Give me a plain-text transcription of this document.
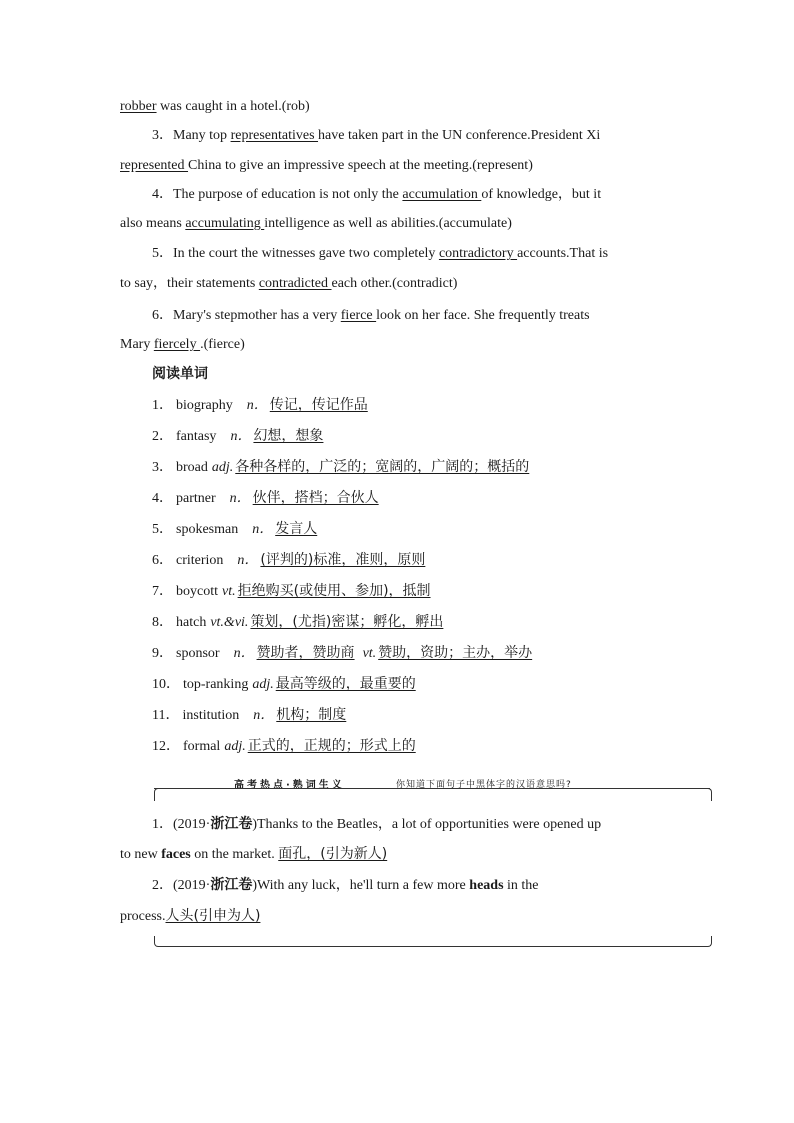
robber was caught in a hotel.(rob)
3．Many top representatives have taken part in the UN conference.President Xi
represented China to give an impressive speech at the meeting.(represent)
4．The purpose of education is not only the accumulation of knowledge，but it
also means accumulating intelligence as well as abilities.(accumulate)
5．In the court the witnesses gave two completely contradictory accounts.That is
to say，their statements contradicted each other.(contradict)
6．Mary's stepmother has a very fierce look on her face. She frequently treats
Mary fiercely .(fierce)
阅读单词
1． biography n． 传记，传记作品
2． fantasy n． 幻想，想象
3． broad adj. 各种各样的，广泛的；宽阔的，广阔的；概括的
4． partner n． 伙伴，搭档；合伙人
5． spokesman n． 发言人
6． criterion n． (评判的)标准，准则，原则
7． boycott vt. 拒绝购买(或使用、参加)，抵制
8． hatch vt.&vi. 策划，(尤指)密谋；孵化，孵出
9． sponsor n． 赞助者，赞助商 vt. 赞助，资助；主办，举办
10． top-ranking adj. 最高等级的，最重要的
11． institution n． 机构；制度
12． formal adj. 正式的，正规的；形式上的
高考热点·熟词生义	你知道下面句子中黑体字的汉语意思吗?
1．(2019·浙江卷)Thanks to the Beatles，a lot of opportunities were opened up
to new faces on the market. 面孔，(引为新人)
2．(2019·浙江卷)With any luck，he'll turn a few more heads in the
process.人头(引申为人)
